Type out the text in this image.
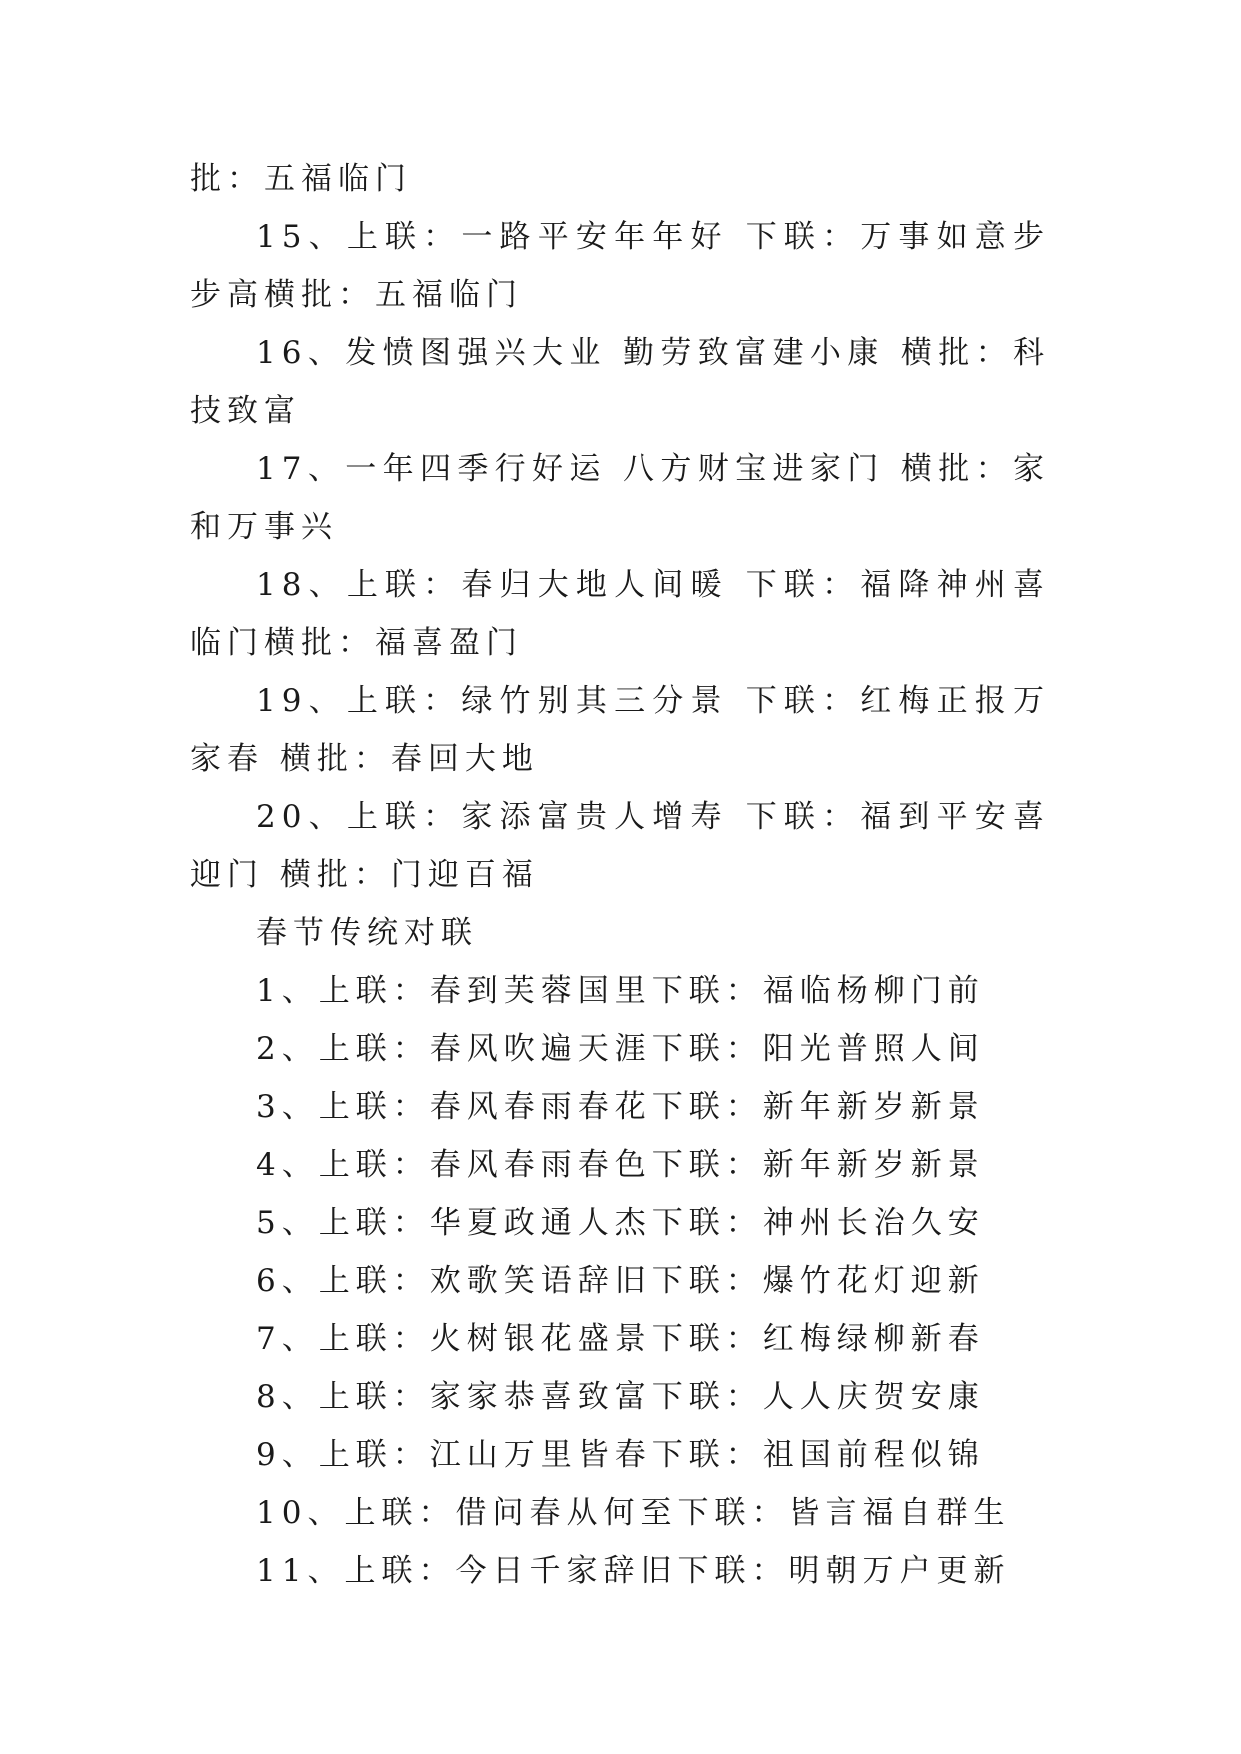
批：五福临门

15、上联：一路平安年年好 下联：万事如意步步高横批：五福临门

16、发愤图强兴大业 勤劳致富建小康 横批：科技致富

17、一年四季行好运 八方财宝进家门 横批：家和万事兴

18、上联：春归大地人间暖 下联：福降神州喜临门横批：福喜盈门

19、上联：绿竹别其三分景 下联：红梅正报万家春 横批：春回大地

20、上联：家添富贵人增寿 下联：福到平安喜迎门 横批：门迎百福

春节传统对联

1、上联：春到芙蓉国里下联：福临杨柳门前

2、上联：春风吹遍天涯下联：阳光普照人间

3、上联：春风春雨春花下联：新年新岁新景

4、上联：春风春雨春色下联：新年新岁新景

5、上联：华夏政通人杰下联：神州长治久安

6、上联：欢歌笑语辞旧下联：爆竹花灯迎新

7、上联：火树银花盛景下联：红梅绿柳新春

8、上联：家家恭喜致富下联：人人庆贺安康

9、上联：江山万里皆春下联：祖国前程似锦

10、上联：借问春从何至下联：皆言福自群生

11、上联：今日千家辞旧下联：明朝万户更新
